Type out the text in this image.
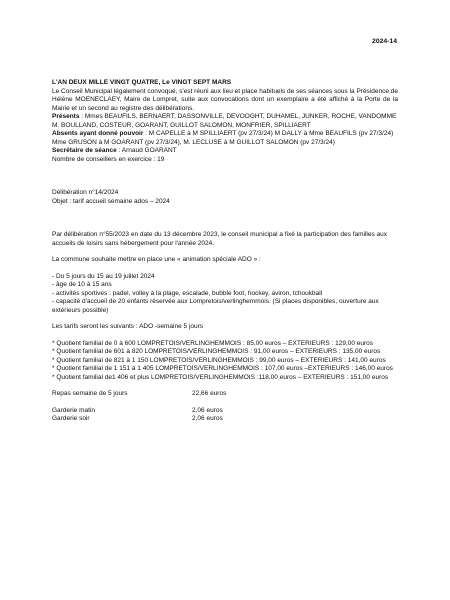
2024-14

L'AN DEUX MILLE VINGT QUATRE, Le VINGT SEPT MARS

Le Conseil Municipal légalement convoqué, s'est réuni aux lieu et place habituels de ses séances sous la Présidence de Hélène MOENECLAEY, Maire de Lompret, suite aux convocations dont un exemplaire a été affiché à la Porte de la Mairie et un second au registre des délibérations.

Présents : Mmes BEAUFILS, BERNAERT, DASSONVILLE, DEVOOGHT, DUHAMEL, JUNKER, ROCHE, VANDOMME M. BOULLAND, COSTEUR, GOARANT, GUILLOT SALOMON, MONFRIER, SPILLIAERT

Absents ayant donné pouvoir : M CAPELLE à M SPILLIAERT (pv 27/3/24) M DALLY à Mme BEAUFILS (pv 27/3/24) Mme GRUSON à M GOARANT (pv 27/3/24), M. LECLUSE à M GUILLOT SALOMON (pv 27/3/24)

Secrétaire de séance : Arnaud GOARANT

Nombre de conseillers en exercice : 19

Délibération n°14/2024

Objet : tarif accueil semaine ados – 2024

Par délibération n°55/2023 en date du 13 décembre 2023, le conseil municipal a fixé la participation des familles aux accueils de loisirs sans hébergement pour l'année 2024.

La commune souhaite mettre en place une « animation spéciale ADO » :

- Du 5 jours du 15 au 19 juillet 2024

- âge de 10 à 15 ans

- activités sportives : padel, volley à la plage, escalade, bubble foot, hockey, aviron, tchoukball

- capacité d'accueil de 20 enfants réservée aux Lompretois/verlinghemmois. (Si places disponibles, ouverture aux extérieurs possible)

Les tarifs seront les suivants : ADO -semaine 5 jours

* Quotient familial de 0 à 600 LOMPRETOIS/VERLINGHEMMOIS : 85,00 euros – EXTERIEURS : 129,00 euros

* Quotient familial de 601 à 820 LOMPRETOIS/VERLINGHEMMOIS : 91,00 euros – EXTERIEURS : 135,00 euros

* Quotient familial de 821 à 1 150 LOMPRETOIS/VERLINGHEMMOIS : 99,00 euros – EXTERIEURS : 141,00 euros

* Quotient familial de 1 151 à 1 405 LOMPRETOIS/VERLINGHEMMOIS : 107,00 euros –EXTERIEURS : 146,00 euros

* Quotient familial de1 406 et plus LOMPRETOIS/VERLINGHEMMOIS :118,00 euros – EXTERIEURS : 151,00 euros

Repas semaine de 5 jours	22,66 euros
Garderie matin	2,06 euros
Garderie soir	2,06 euros
